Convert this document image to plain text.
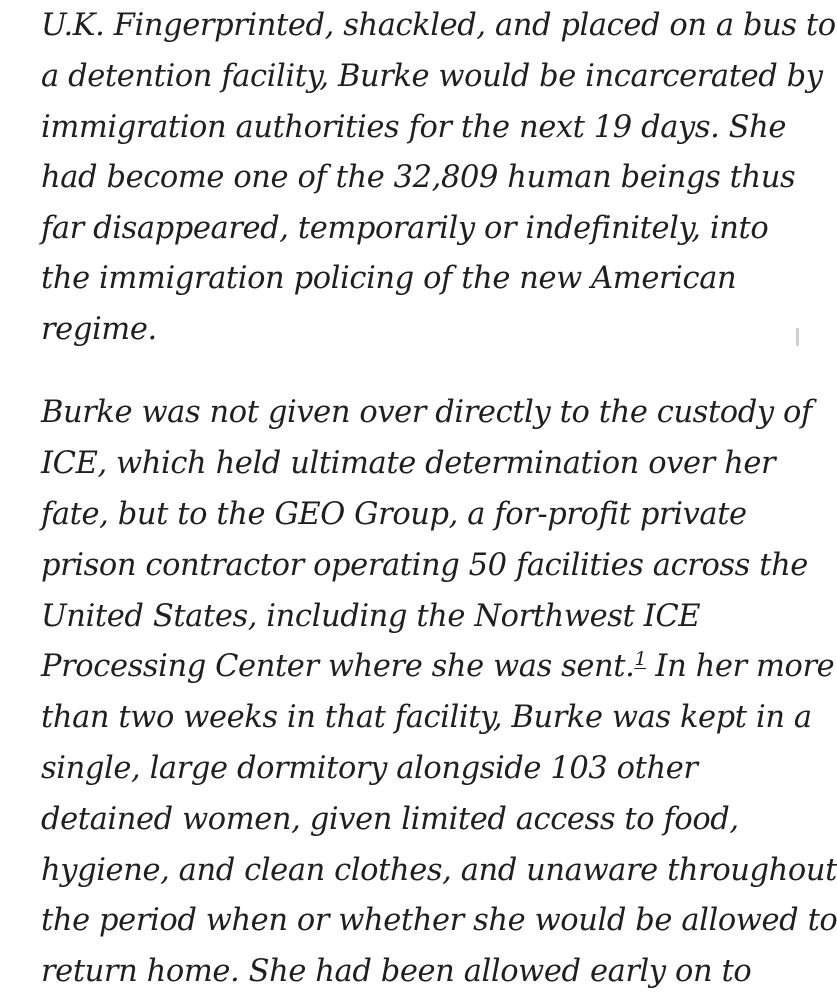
U.K. Fingerprinted, shackled, and placed on a bus to
a detention facility, Burke would be incarcerated by
immigration authorities for the next 19 days. She
had become one of the 32,809 human beings thus
far disappeared, temporarily or indefinitely, into
the immigration policing of the new American
regime.
Burke was not given over directly to the custody of
ICE, which held ultimate determination over her
fate, but to the GEO Group, a for-profit private
prison contractor operating 50 facilities across the
United States, including the Northwest ICE
Processing Center where she was sent.$^1$ In her more
than two weeks in that facility, Burke was kept in a
single, large dormitory alongside 103 other
detained women, given limited access to food,
hygiene, and clean clothes, and unaware throughout
the period when or whether she would be allowed to
return home. She had been allowed early on to
